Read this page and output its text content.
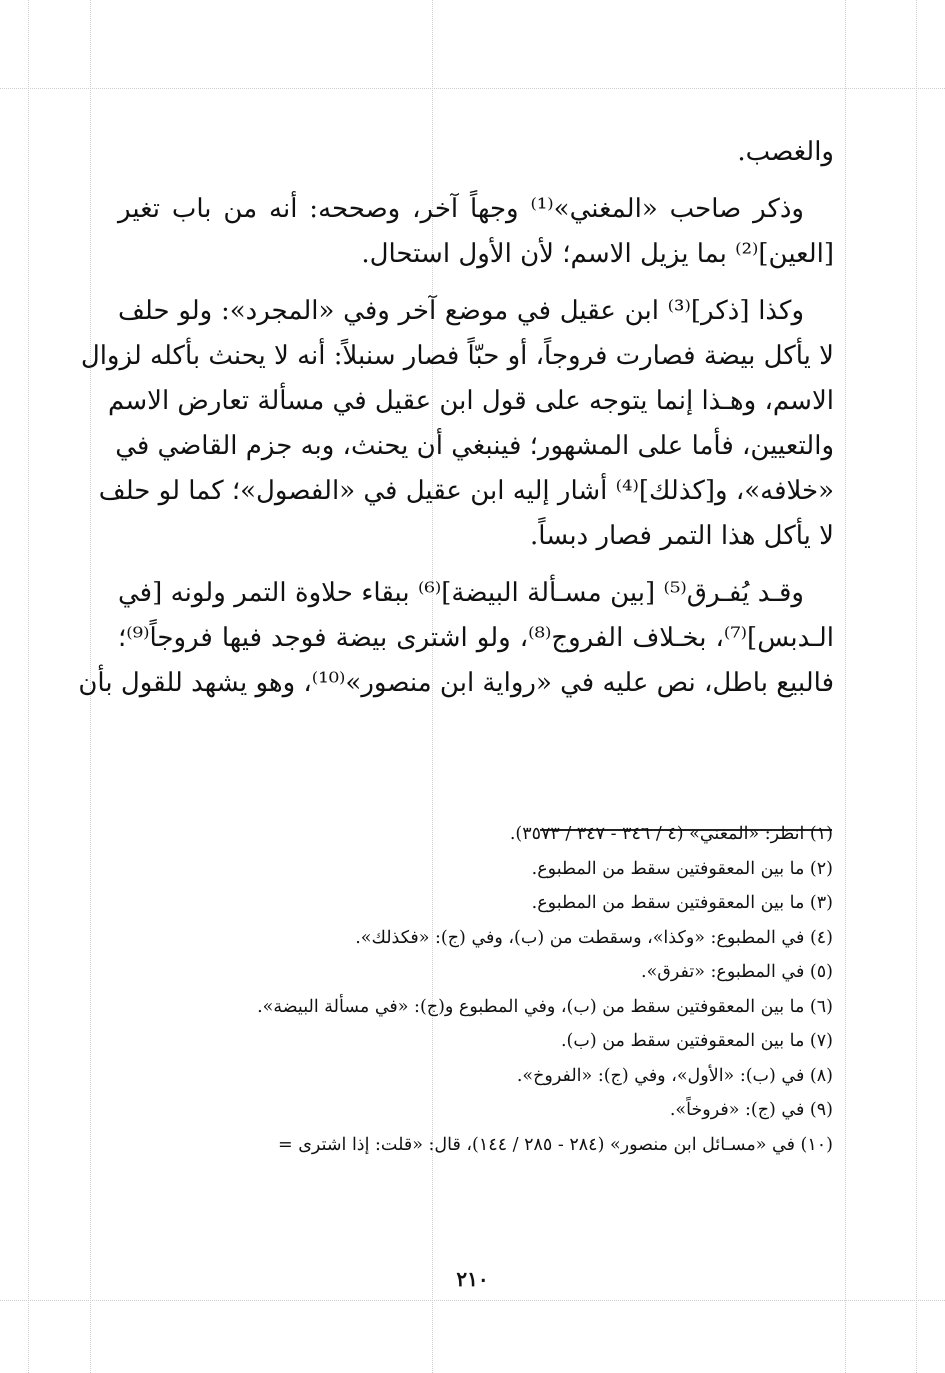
والغصب.
وذكر صاحب «المغني»⁽¹⁾ وجهاً آخر، وصححه: أنه من باب تغير
[العين]⁽²⁾ بما يزيل الاسم؛ لأن الأول استحال.
وكذا [ذكر]⁽³⁾ ابن عقيل في موضع آخر وفي «المجرد»: ولو حلف
لا يأكل بيضة فصارت فروجاً، أو حبّاً فصار سنبلاً: أنه لا يحنث بأكله لزوال
الاسم، وهـذا إنما يتوجه على قول ابن عقيل في مسألة تعارض الاسم
والتعيين، فأما على المشهور؛ فينبغي أن يحنث، وبه جزم القاضي في
«خلافه»، و[كذلك]⁽⁴⁾ أشار إليه ابن عقيل في «الفصول»؛ كما لو حلف
لا يأكل هذا التمر فصار دبساً.
وقـد يُفـرق⁽⁵⁾ [بين مسـألة البيضة]⁽⁶⁾ ببقاء حلاوة التمر ولونه [في
الـدبس]⁽⁷⁾، بخـلاف الفروج⁽⁸⁾، ولو اشترى بيضة فوجد فيها فروجاً⁽⁹⁾؛
فالبيع باطل، نص عليه في «رواية ابن منصور»⁽¹⁰⁾، وهو يشهد للقول بأن
(١) انظر: «المغني» (٤ / ٣٤٦ - ٣٤٧ / ٣٥٧٣).
(٢) ما بين المعقوفتين سقط من المطبوع.
(٣) ما بين المعقوفتين سقط من المطبوع.
(٤) في المطبوع: «وكذا»، وسقطت من (ب)، وفي (ج): «فكذلك».
(٥) في المطبوع: «تفرق».
(٦) ما بين المعقوفتين سقط من (ب)، وفي المطبوع و(ج): «في مسألة البيضة».
(٧) ما بين المعقوفتين سقط من (ب).
(٨) في (ب): «الأول»، وفي (ج): «الفروخ».
(٩) في (ج): «فروخاً».
(١٠) في «مسـائل ابن منصور» (٢٨٤ - ٢٨٥ / ١٤٤)، قال: «قلت: إذا اشترى =
٢١٠
